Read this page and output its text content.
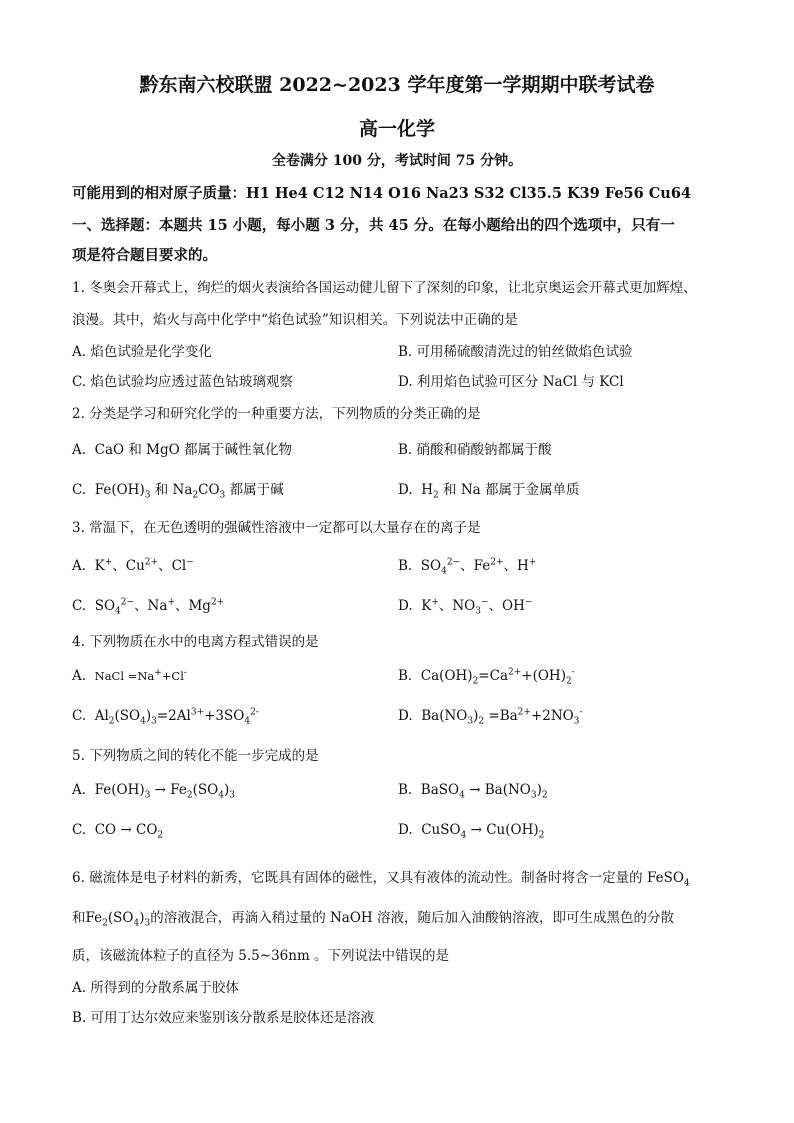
黔东南六校联盟 2022~2023 学年度第一学期期中联考试卷
高一化学
全卷满分 100 分，考试时间 75 分钟。
可能用到的相对原子质量：H1 He4 C12 N14 O16 Na23 S32 Cl35.5 K39 Fe56 Cu64
一、选择题：本题共 15 小题，每小题 3 分，共 45 分。在每小题给出的四个选项中，只有一
项是符合题目要求的。
1. 冬奥会开幕式上，绚烂的烟火表演给各国运动健儿留下了深刻的印象，让北京奥运会开幕式更加辉煌、
浪漫。其中，焰火与高中化学中“焰色试验”知识相关。下列说法中正确的是
A. 焰色试验是化学变化	B. 可用稀硫酸清洗过的铂丝做焰色试验
C. 焰色试验均应透过蓝色钴玻璃观察	D. 利用焰色试验可区分 NaCl 与 KCl
2. 分类是学习和研究化学的一种重要方法，下列物质的分类正确的是
A.  CaO 和 MgO 都属于碱性氧化物	B. 硝酸和硝酸钠都属于酸
C.  $Fe(OH)_3$ 和 $Na_2CO_3$ 都属于碱	D.  $H_2$ 和 Na 都属于金属单质
3. 常温下，在无色透明的强碱性溶液中一定都可以大量存在的离子是
A.  K+、$Cu^{2+}$、Cl−	B.  $SO_4^{2-}$、$Fe^{2+}$、H+
C.  $SO_4^{2-}$、Na+、$Mg^{2+}$	D.  K+、$NO_3^-$、OH−
4. 下列物质在水中的电离方程式错误的是
A. NaCl =Na++Cl-	B.  $Ca(OH)_2=Ca^{2+}+(OH)_2^-$
C.  $Al_2(SO_4)_3=2Al^{3+}+3SO_4^{2-}$	D.  $Ba(NO_3)_2 =Ba^{2+}+2NO_3^-$
5. 下列物质之间的转化不能一步完成的是
A.  $Fe(OH)_3 \to Fe_2(SO_4)_3$	B.  BaSO$_4$ → $Ba(NO_3)_2$
C.  CO → $CO_2$	D.  CuSO$_4$ → $Cu(OH)_2$
6. 磁流体是电子材料的新秀，它既具有固体的磁性，又具有液体的流动性。制备时将含一定量的 FeSO$_4$
和$Fe_2(SO_4)_3$的溶液混合，再滴入稍过量的 NaOH 溶液，随后加入油酸钠溶液，即可生成黑色的分散
质，该磁流体粒子的直径为 5.5~36nm 。下列说法中错误的是
A. 所得到的分散系属于胶体
B. 可用丁达尔效应来鉴别该分散系是胶体还是溶液
